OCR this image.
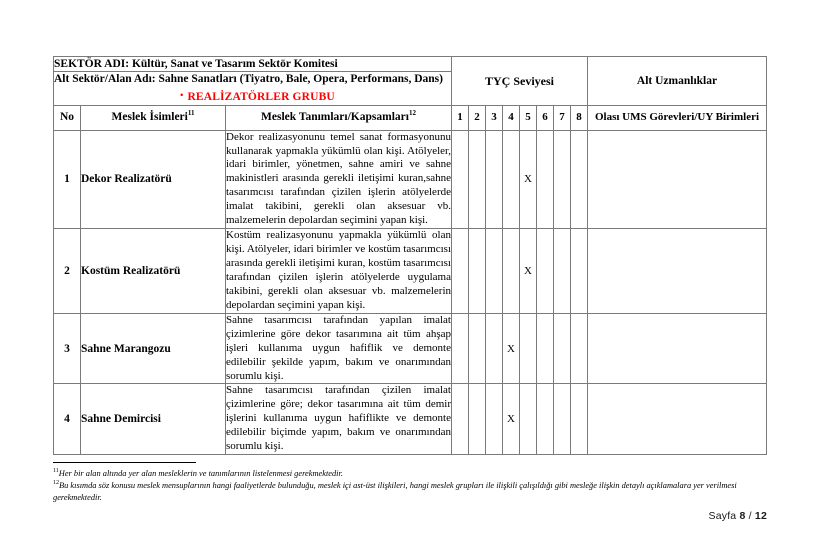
SEKTÖR ADI: Kültür, Sanat ve Tasarım Sektör Komitesi			TYÇ Seviyesi								Alt Uzmanlıklar

Alt Sektör/Alan Adı: Sahne Sanatları (Tiyatro, Bale, Opera, Performans, Dans)
• REALİZATÖRLER GRUBU											

No	Meslek İsimleri$^{11}$	Meslek Tanımları/Kapsamları$^{12}$	1	2	3	4	5	6	7	8	Olası UMS Görevleri/UY Birimleri
1	Dekor Realizatörü	Dekor realizasyonunu temel sanat formasyonunu kullanarak yapmakla yükümlü olan kişi. Atölyeler, idari birimler, yönetmen, sahne amiri ve sahne makinistleri arasında gerekli iletişimi kuran,sahne tasarımcısı tarafından çizilen işlerin atölyelerde imalat takibini, gerekli olan aksesuar vb. malzemelerin depolardan seçimini yapan kişi.					X				
2	Kostüm Realizatörü	Kostüm realizasyonunu yapmakla yükümlü olan kişi. Atölyeler, idari birimler ve kostüm tasarımcısı arasında gerekli iletişimi kuran, kostüm tasarımcısı tarafından çizilen işlerin atölyelerde uygulama takibini, gerekli olan aksesuar vb. malzemelerin depolardan seçimini yapan kişi.					X				
3	Sahne Marangozu	Sahne tasarımcısı tarafından yapılan imalat çizimlerine göre dekor tasarımına ait tüm ahşap işleri kullanıma uygun hafiflik ve demonte edilebilir şekilde yapım, bakım ve onarımından sorumlu kişi.				X					
4	Sahne Demircisi	Sahne tasarımcısı tarafından çizilen imalat çizimlerine göre; dekor tasarımına ait tüm demir işlerini kullanıma uygun hafiflikte ve demonte edilebilir biçimde yapım, bakım ve onarımından sorumlu kişi.				X					

$^{11}$Her bir alan altında yer alan mesleklerin ve tanımlarının listelenmesi gerekmektedir.

$^{12}$Bu kısımda söz konusu meslek mensuplarının hangi faaliyetlerde bulunduğu, meslek içi ast-üst ilişkileri, hangi meslek grupları ile ilişkili çalışıldığı gibi mesleğe ilişkin detaylı açıklamalara yer verilmesi gerekmektedir.

Sayfa 8 / 12
